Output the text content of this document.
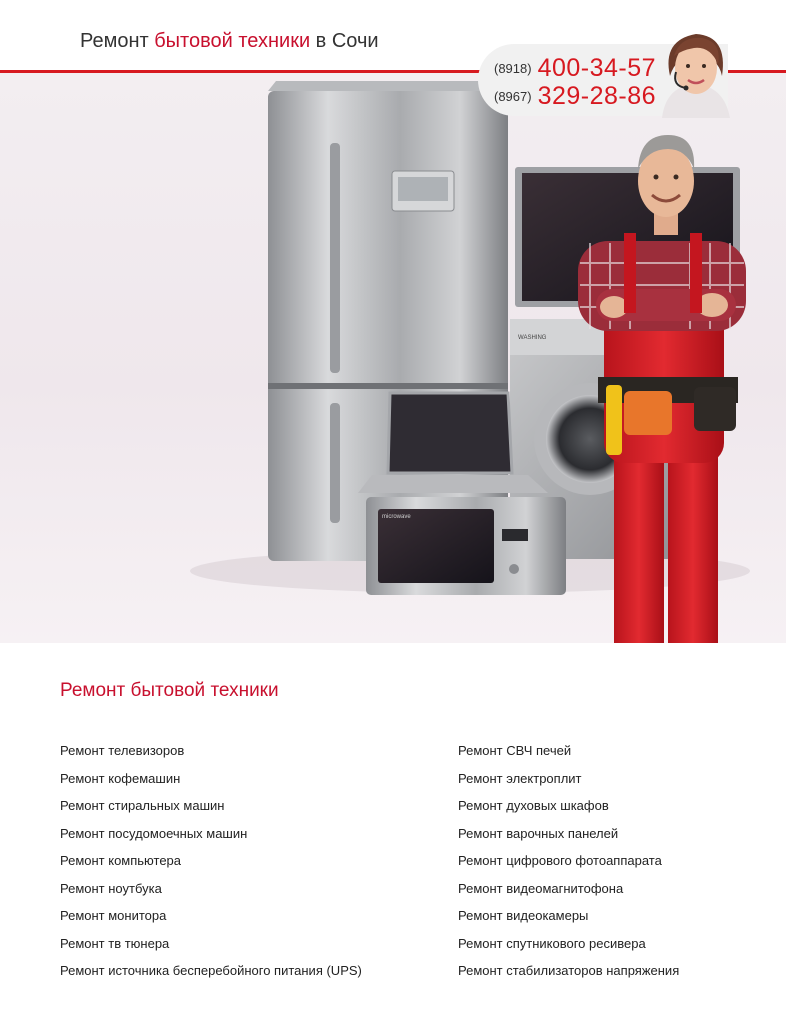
WASHING
microwave
Ремонт бытовой техники в Сочи
(8918) 400-34-57
(8967) 329-28-86
Ремонт бытовой техники
Ремонт телевизоров
Ремонт кофемашин
Ремонт стиральных машин
Ремонт посудомоечных машин
Ремонт компьютера
Ремонт ноутбука
Ремонт монитора
Ремонт тв тюнера
Ремонт источника бесперебойного питания (UPS)
Ремонт СВЧ печей
Ремонт электроплит
Ремонт духовых шкафов
Ремонт варочных панелей
Ремонт цифрового фотоаппарата
Ремонт видеомагнитофона
Ремонт видеокамеры
Ремонт спутникового ресивера
Ремонт стабилизаторов напряжения
